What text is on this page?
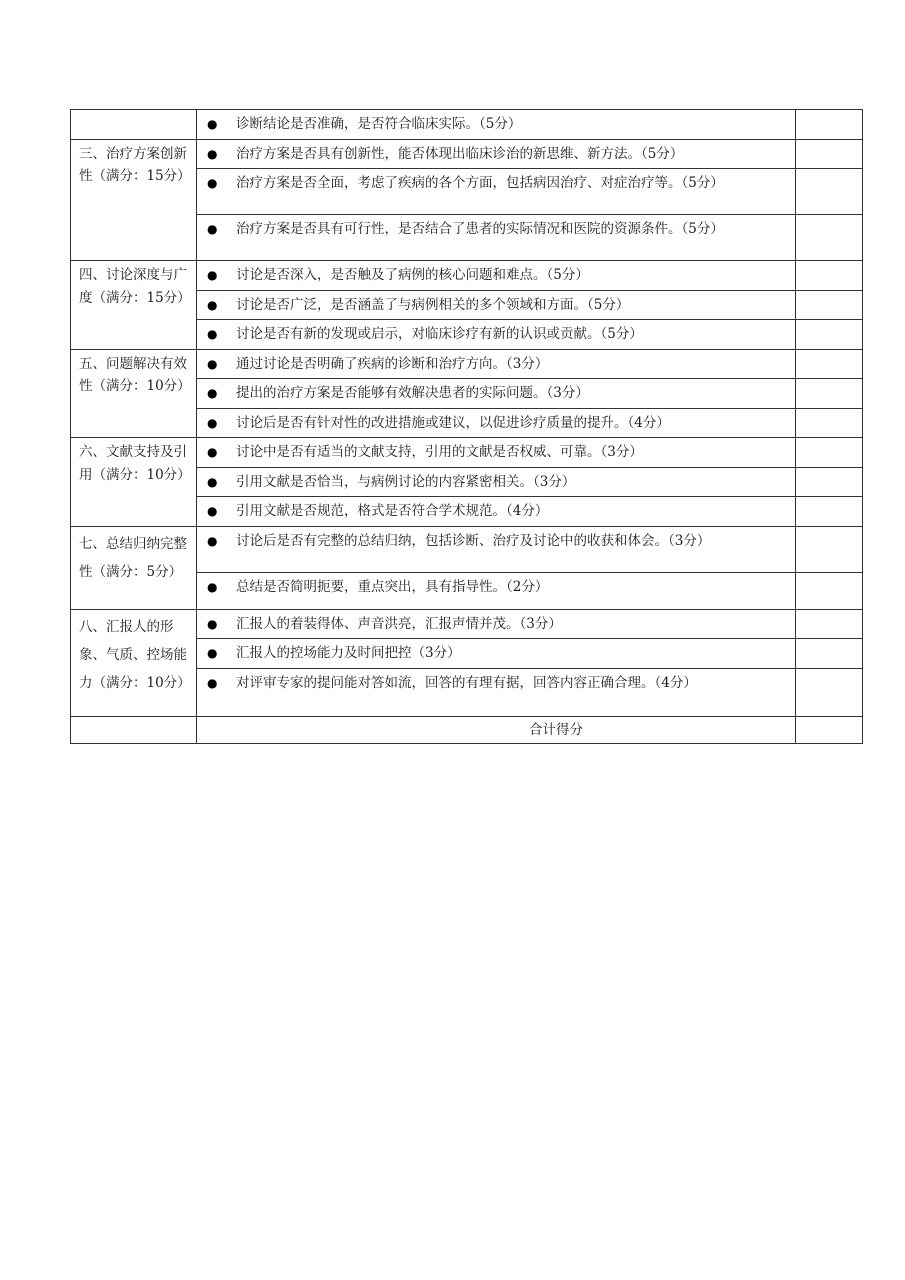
	● 诊断结论是否准确，是否符合临床实际。（5分）	

三、治疗方案创新性（满分：15分）	● 治疗方案是否具有创新性，能否体现出临床诊治的新思维、新方法。（5分）	

	● 治疗方案是否全面，考虑了疾病的各个方面，包括病因治疗、对症治疗等。（5分）	

	● 治疗方案是否具有可行性，是否结合了患者的实际情况和医院的资源条件。（5分）	

四、讨论深度与广度（满分：15分）	● 讨论是否深入，是否触及了病例的核心问题和难点。（5分）	

	● 讨论是否广泛，是否涵盖了与病例相关的多个领域和方面。（5分）	

	● 讨论是否有新的发现或启示，对临床诊疗有新的认识或贡献。（5分）	

五、问题解决有效性（满分：10分）	● 通过讨论是否明确了疾病的诊断和治疗方向。（3分）	

	● 提出的治疗方案是否能够有效解决患者的实际问题。（3分）	

	● 讨论后是否有针对性的改进措施或建议，以促进诊疗质量的提升。（4分）	

六、文献支持及引用（满分：10分）	● 讨论中是否有适当的文献支持，引用的文献是否权威、可靠。（3分）	

	● 引用文献是否恰当，与病例讨论的内容紧密相关。（3分）	

	● 引用文献是否规范，格式是否符合学术规范。（4分）	

七、总结归纳完整性（满分：5分）	● 讨论后是否有完整的总结归纳，包括诊断、治疗及讨论中的收获和体会。（3分）	

	● 总结是否简明扼要，重点突出，具有指导性。（2分）	

八、汇报人的形象、气质、控场能力（满分：10分）	● 汇报人的着装得体、声音洪亮，汇报声情并茂。（3分）	

	● 汇报人的控场能力及时间把控（3分）	

	● 对评审专家的提问能对答如流，回答的有理有据，回答内容正确合理。（4分）	

	合计得分	
